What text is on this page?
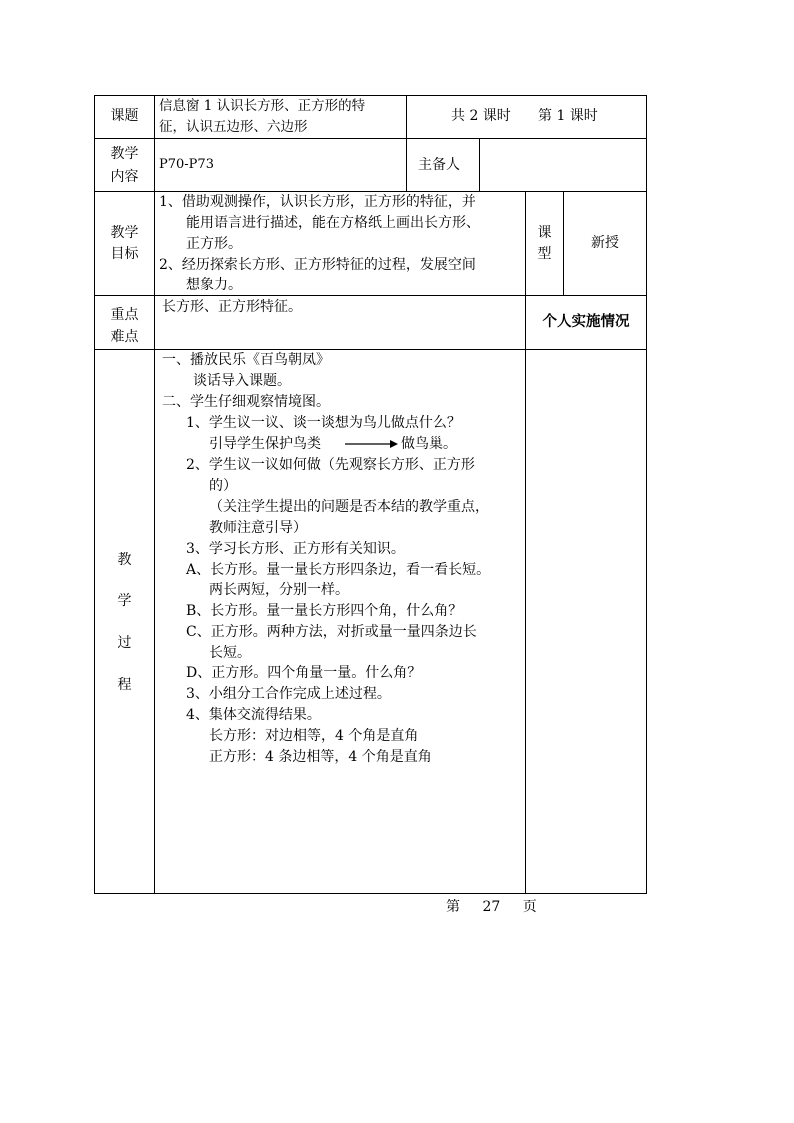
课题
信息窗 1 认识长方形、正方形的特
征，认识五边形、六边形
共 2 课时 第 1 课时
教学
内容
P70-P73	主备人
教学
目标
1、借助观测操作，认识长方形，正方形的特征，并
能用语言进行描述，能在方格纸上画出长方形、
正方形。
2、经历探索长方形、正方形特征的过程，发展空间
想象力。
课
型
新授
重点
难点
长方形、正方形特征。
个人实施情况
教
学
过
程
一、播放民乐《百鸟朝凤》
谈话导入课题。
二、学生仔细观察情境图。
1、学生议一议、谈一谈想为鸟儿做点什么？
引导学生保护鸟类	做鸟巢。
2、学生议一议如何做（先观察长方形、正方形
的）
（关注学生提出的问题是否本结的教学重点，
教师注意引导）
3、学习长方形、正方形有关知识。
A、长方形。量一量长方形四条边，看一看长短。
两长两短，分别一样。
B、长方形。量一量长方形四个角，什么角？
C、正方形。两种方法，对折或量一量四条边长
长短。
D、正方形。四个角量一量。什么角？
3、小组分工合作完成上述过程。
4、集体交流得结果。
长方形：对边相等，4 个角是直角
正方形：4 条边相等，4 个角是直角
第 27 页
